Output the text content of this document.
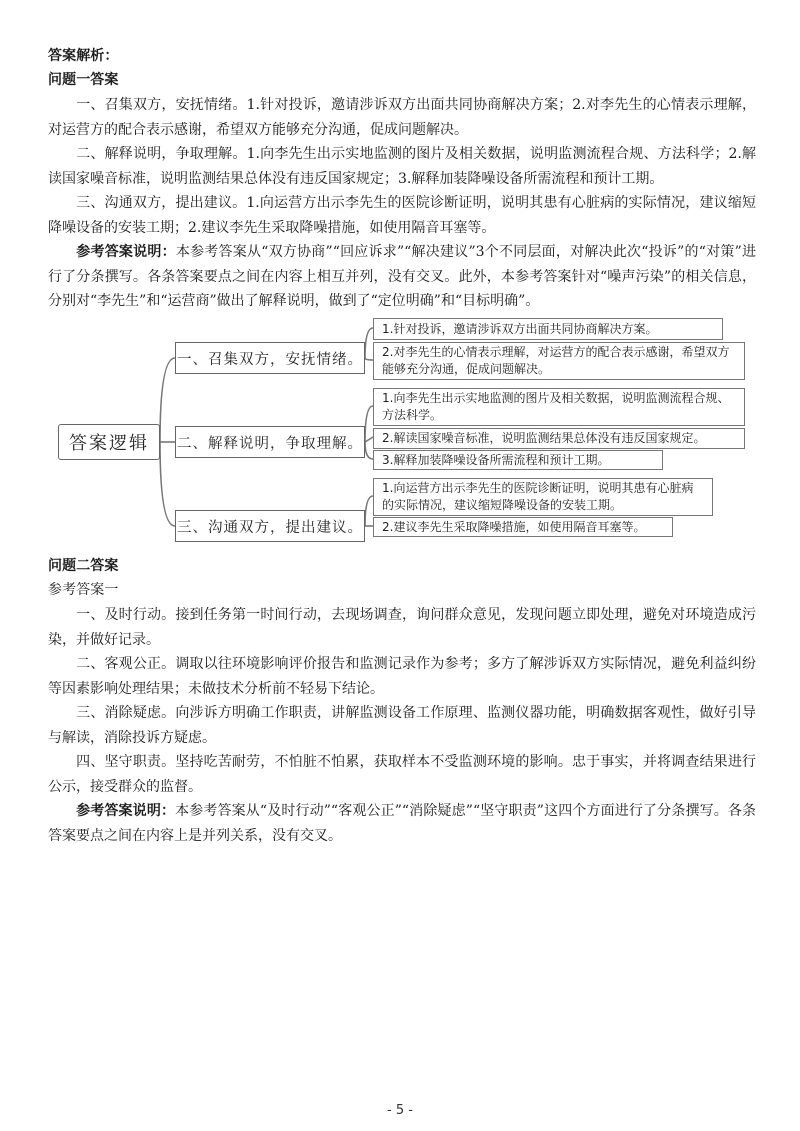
答案解析：
问题一答案
一、召集双方，安抚情绪。1.针对投诉，邀请涉诉双方出面共同协商解决方案；2.对李先生的心情表示理解，对运营方的配合表示感谢，希望双方能够充分沟通，促成问题解决。
二、解释说明，争取理解。1.向李先生出示实地监测的图片及相关数据，说明监测流程合规、方法科学；2.解读国家噪音标准，说明监测结果总体没有违反国家规定；3.解释加装降噪设备所需流程和预计工期。
三、沟通双方，提出建议。1.向运营方出示李先生的医院诊断证明，说明其患有心脏病的实际情况，建议缩短降噪设备的安装工期；2.建议李先生采取降噪措施，如使用隔音耳塞等。
参考答案说明：本参考答案从“双方协商”“回应诉求”“解决建议”3个不同层面，对解决此次“投诉”的“对策”进行了分条撰写。各条答案要点之间在内容上相互并列，没有交叉。此外，本参考答案针对“噪声污染”的相关信息，分别对“李先生”和“运营商”做出了解释说明，做到了“定位明确”和“目标明确”。
答案逻辑
一、召集双方，安抚情绪。
二、解释说明，争取理解。
三、沟通双方，提出建议。
1.针对投诉，邀请涉诉双方出面共同协商解决方案。
2.对李先生的心情表示理解，对运营方的配合表示感谢，希望双方能够充分沟通，促成问题解决。
1.向李先生出示实地监测的图片及相关数据，说明监测流程合规、方法科学。
2.解读国家噪音标准，说明监测结果总体没有违反国家规定。
3.解释加装降噪设备所需流程和预计工期。
1.向运营方出示李先生的医院诊断证明，说明其患有心脏病的实际情况，建议缩短降噪设备的安装工期。
2.建议李先生采取降噪措施，如使用隔音耳塞等。
问题二答案
参考答案一
一、及时行动。接到任务第一时间行动，去现场调查，询问群众意见，发现问题立即处理，避免对环境造成污染，并做好记录。
二、客观公正。调取以往环境影响评价报告和监测记录作为参考；多方了解涉诉双方实际情况，避免利益纠纷等因素影响处理结果；未做技术分析前不轻易下结论。
三、消除疑虑。向涉诉方明确工作职责，讲解监测设备工作原理、监测仪器功能，明确数据客观性，做好引导与解读，消除投诉方疑虑。
四、坚守职责。坚持吃苦耐劳，不怕脏不怕累，获取样本不受监测环境的影响。忠于事实，并将调查结果进行公示，接受群众的监督。
参考答案说明：本参考答案从“及时行动”“客观公正”“消除疑虑”“坚守职责”这四个方面进行了分条撰写。各条答案要点之间在内容上是并列关系，没有交叉。
- 5 -
